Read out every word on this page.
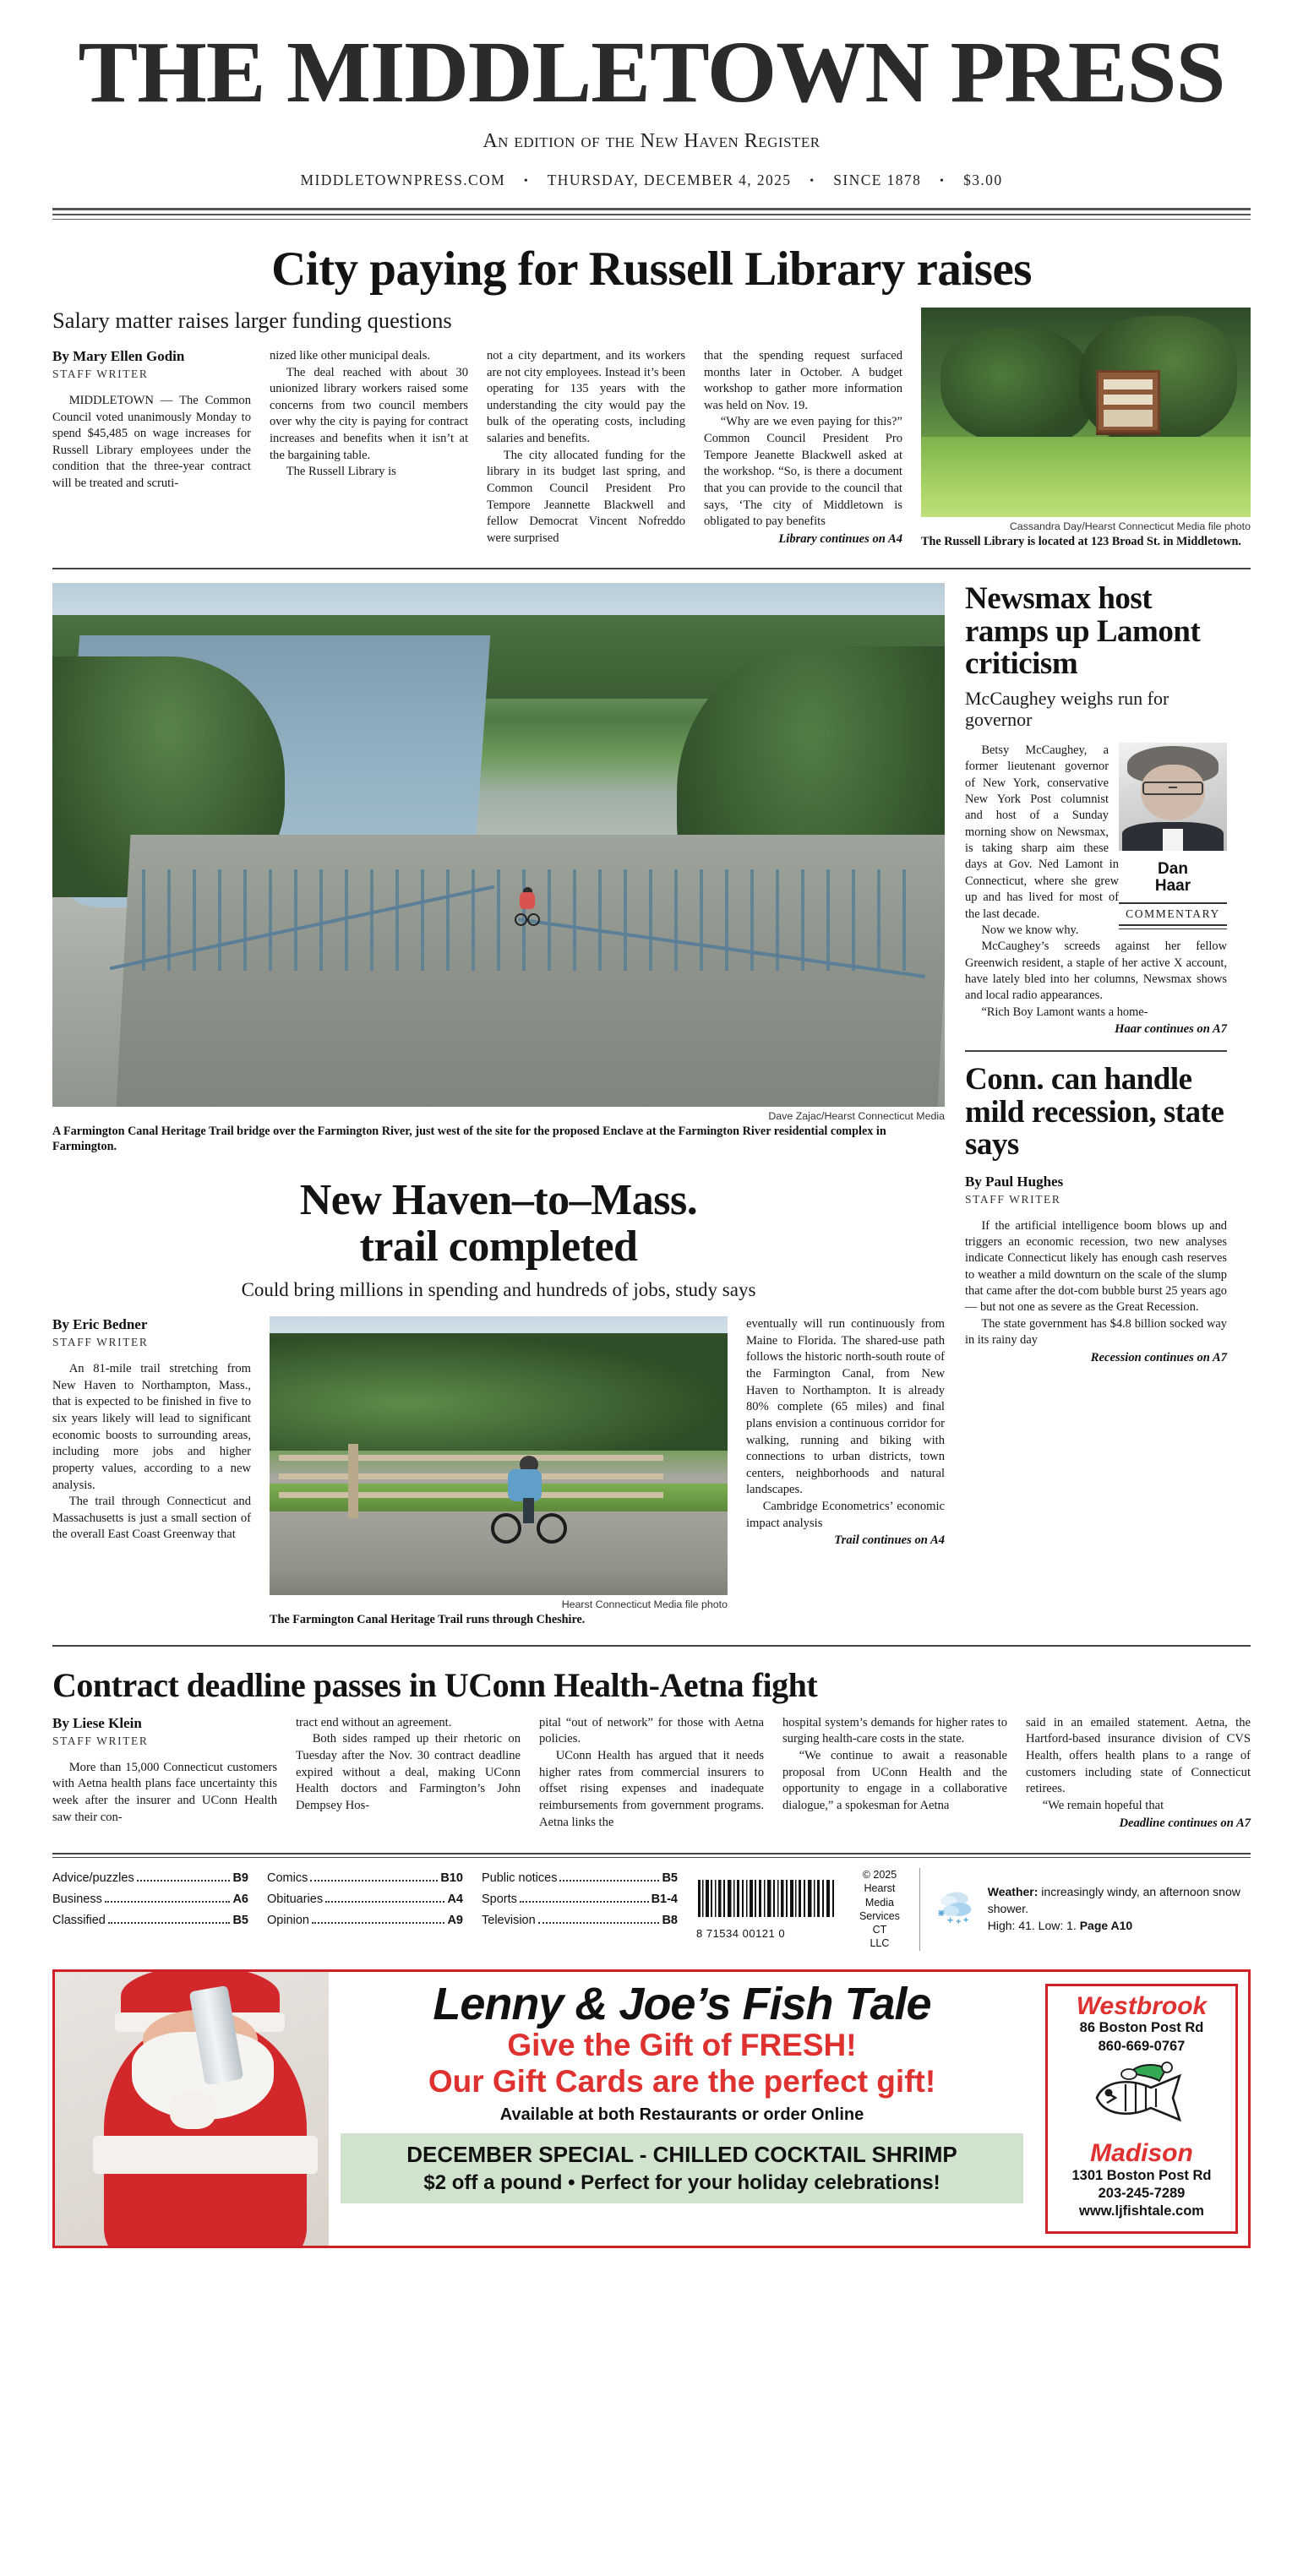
THE MIDDLETOWN PRESS
An edition of the New Haven Register
MIDDLETOWNPRESS.COM • THURSDAY, DECEMBER 4, 2025 • SINCE 1878 • $3.00
City paying for Russell Library raises
Salary matter raises larger funding questions
By Mary Ellen Godin
STAFF WRITER

MIDDLETOWN — The Common Council voted unanimously Monday to spend $45,485 on wage increases for Russell Library employees under the condition that the three-year contract will be treated and scruti-

nized like other municipal deals.

The deal reached with about 30 unionized library workers raised some concerns from two council members over why the city is paying for contract increases and benefits when it isn’t at the bargaining table.

The Russell Library is

not a city department, and its workers are not city employees. Instead it’s been operating for 135 years with the understanding the city would pay the bulk of the operating costs, including salaries and benefits.

The city allocated funding for the library in its budget last spring, and Common Council President Pro Tempore Jeannette Blackwell and fellow Democrat Vincent Nofreddo were surprised

that the spending request surfaced months later in October. A budget workshop to gather more information was held on Nov. 19.

“Why are we even paying for this?” Common Council President Pro Tempore Jeanette Blackwell asked at the workshop. “So, is there a document that you can provide to the council that says, ‘The city of Middletown is obligated to pay benefits

Library continues on A4
Cassandra Day/Hearst Connecticut Media file photo
The Russell Library is located at 123 Broad St. in Middletown.
Dave Zajac/Hearst Connecticut Media
A Farmington Canal Heritage Trail bridge over the Farmington River, just west of the site for the proposed Enclave at the Farmington River residential complex in Farmington.
New Haven–to–Mass.
trail completed
Could bring millions in spending and hundreds of jobs, study says
By Eric Bedner
STAFF WRITER

An 81-mile trail stretching from New Haven to Northampton, Mass., that is expected to be finished in five to six years likely will lead to significant economic boosts to surrounding areas, including more jobs and higher property values, according to a new analysis.

The trail through Connecticut and Massachusetts is just a small section of the overall East Coast Greenway that

Hearst Connecticut Media file photo
The Farmington Canal Heritage Trail runs through Cheshire.

eventually will run continuously from Maine to Florida. The shared-use path follows the historic north-south route of the Farmington Canal, from New Haven to Northampton. It is already 80% complete (65 miles) and final plans envision a continuous corridor for walking, running and biking with connections to urban districts, town centers, neighborhoods and natural landscapes.

Cambridge Econometrics’ economic impact analysis

Trail continues on A4
Newsmax host ramps up Lamont criticism
McCaughey weighs run for governor
Dan
Haar
COMMENTARY

Betsy McCaughey, a former lieutenant governor of New York, conservative New York Post columnist and host of a Sunday morning show on Newsmax, is taking sharp aim these days at Gov. Ned Lamont in Connecticut, where she grew up and has lived for most of the last decade.

Now we know why.

McCaughey’s screeds against her fellow Greenwich resident, a staple of her active X account, have lately bled into her columns, Newsmax shows and local radio appearances.

“Rich Boy Lamont wants a home-

Haar continues on A7
Conn. can handle mild recession, state says
By Paul Hughes
STAFF WRITER

If the artificial intelligence boom blows up and triggers an economic recession, two new analyses indicate Connecticut likely has enough cash reserves to weather a mild downturn on the scale of the slump that came after the dot-com bubble burst 25 years ago — but not one as severe as the Great Recession.

The state government has $4.8 billion socked way in its rainy day

Recession continues on A7
Contract deadline passes in UConn Health-Aetna fight
By Liese Klein
STAFF WRITER

More than 15,000 Connecticut customers with Aetna health plans face uncertainty this week after the insurer and UConn Health saw their con-

tract end without an agreement.

Both sides ramped up their rhetoric on Tuesday after the Nov. 30 contract deadline expired without a deal, making UConn Health doctors and Farmington’s John Dempsey Hos-

pital “out of network” for those with Aetna policies.

UConn Health has argued that it needs higher rates from commercial insurers to offset rising expenses and inadequate reimbursements from government programs. Aetna links the

hospital system’s demands for higher rates to surging health-care costs in the state.

“We continue to await a reasonable proposal from UConn Health and the opportunity to engage in a collaborative dialogue,” a spokesman for Aetna

said in an emailed statement. Aetna, the Hartford-based insurance division of CVS Health, offers health plans to a range of customers including state of Connecticut retirees.

“We remain hopeful that

Deadline continues on A7
Advice/puzzles	B9
Business	A6
Classified	B5
Comics	B10
Obituaries	A4
Opinion	A9
Public notices	B5
Sports	B1-4
Television	B8
8 71534 00121 0
© 2025
Hearst Media
Services CT
LLC
Weather: increasingly windy, an afternoon snow shower.
High: 41. Low: 1. Page A10
Lenny & Joe’s Fish Tale
Give the Gift of FRESH!
Our Gift Cards are the perfect gift!
Available at both Restaurants or order Online
DECEMBER SPECIAL - CHILLED COCKTAIL SHRIMP
$2 off a pound • Perfect for your holiday celebrations!
Westbrook
86 Boston Post Rd
860-669-0767
Madison
1301 Boston Post Rd
203-245-7289
www.ljfishtale.com
